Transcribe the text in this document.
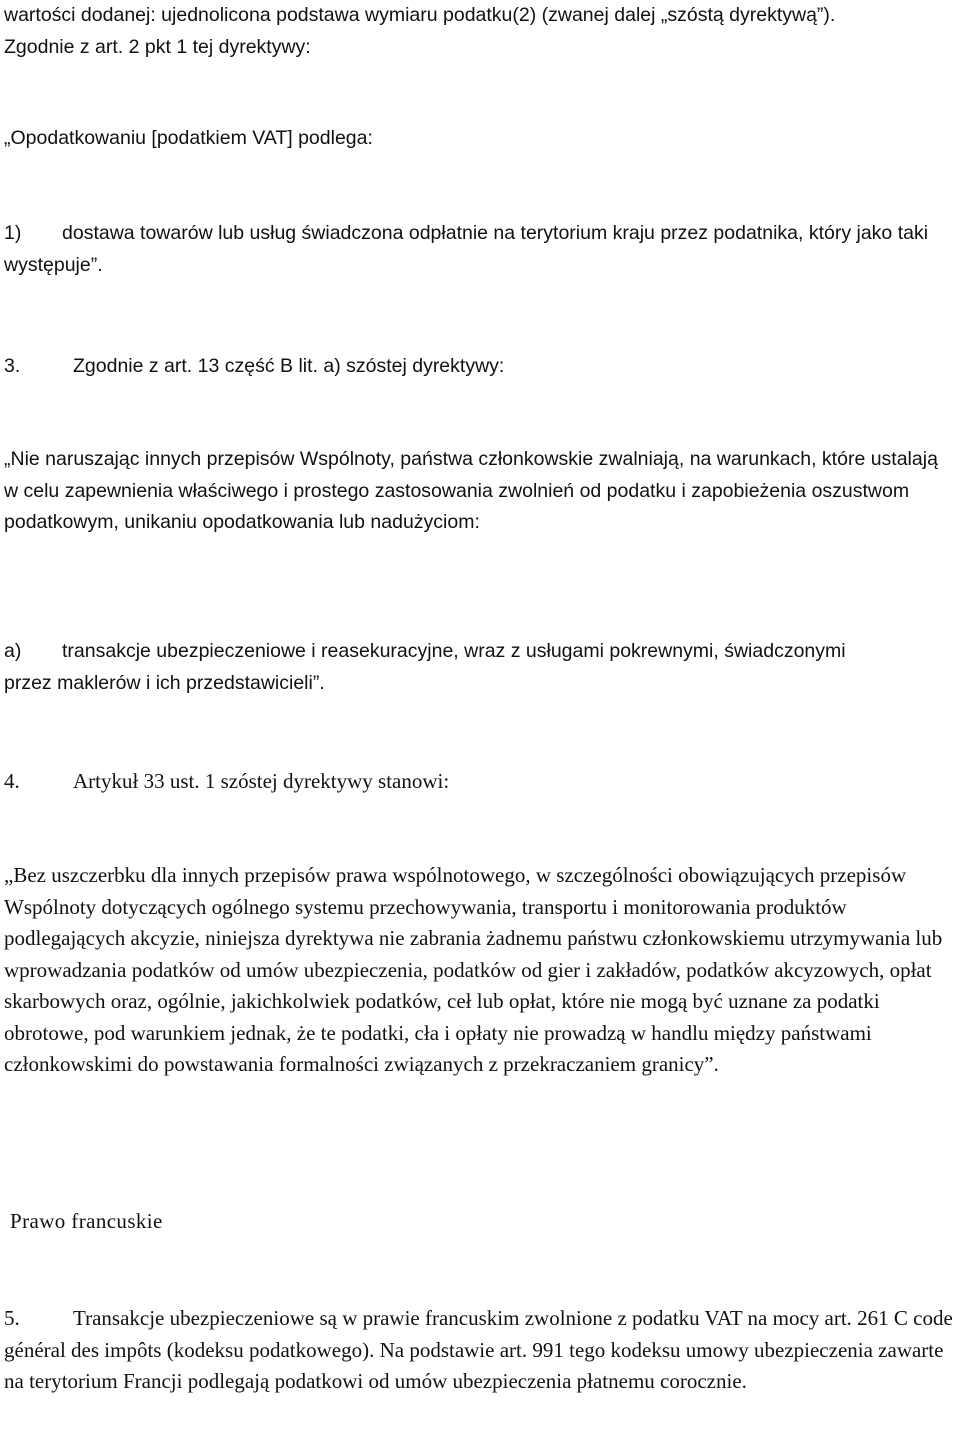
wartości dodanej: ujednolicona podstawa wymiaru podatku(2) (zwanej dalej „szóstą dyrektywą”). Zgodnie z art. 2 pkt 1 tej dyrektywy:

„Opodatkowaniu [podatkiem VAT] podlega:

1) dostawa towarów lub usług świadczona odpłatnie na terytorium kraju przez podatnika, który jako taki występuje”.

3.	Zgodnie z art. 13 część B lit. a) szóstej dyrektywy:

„Nie naruszając innych przepisów Wspólnoty, państwa członkowskie zwalniają, na warunkach, które ustalają w celu zapewnienia właściwego i prostego zastosowania zwolnień od podatku i zapobieżenia oszustwom podatkowym, unikaniu opodatkowania lub nadużyciom:

a) transakcje ubezpieczeniowe i reasekuracyjne, wraz z usługami pokrewnymi, świadczonymi przez maklerów i ich przedstawicieli”.

4.	Artykuł 33 ust. 1 szóstej dyrektywy stanowi:

„Bez uszczerbku dla innych przepisów prawa wspólnotowego, w szczególności obowiązujących przepisów Wspólnoty dotyczących ogólnego systemu przechowywania, transportu i monitorowania produktów podlegających akcyzie, niniejsza dyrektywa nie zabrania żadnemu państwu członkowskiemu utrzymywania lub wprowadzania podatków od umów ubezpieczenia, podatków od gier i zakładów, podatków akcyzowych, opłat skarbowych oraz, ogólnie, jakichkolwiek podatków, ceł lub opłat, które nie mogą być uznane za podatki obrotowe, pod warunkiem jednak, że te podatki, cła i opłaty nie prowadzą w handlu między państwami członkowskimi do powstawania formalności związanych z przekraczaniem granicy”.

Prawo francuskie

5.	Transakcje ubezpieczeniowe są w prawie francuskim zwolnione z podatku VAT na mocy art. 261 C code général des impôts (kodeksu podatkowego). Na podstawie art. 991 tego kodeksu umowy ubezpieczenia zawarte na terytorium Francji podlegają podatkowi od umów ubezpieczenia płatnemu corocznie.
